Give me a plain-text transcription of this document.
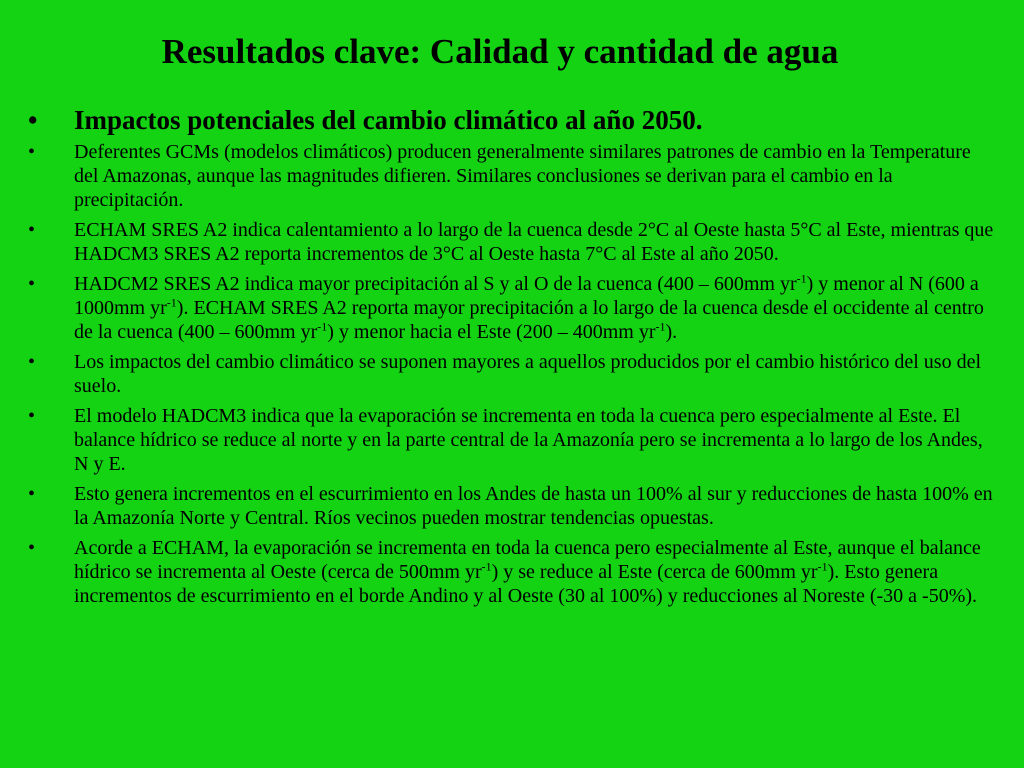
Resultados clave: Calidad y cantidad de agua
• Impactos potenciales del cambio climático al año 2050.
•	Deferentes GCMs (modelos climáticos) producen generalmente similares patrones de cambio en la Temperature del Amazonas, aunque las magnitudes difieren. Similares conclusiones se derivan para el cambio en la precipitación.
•	ECHAM SRES A2 indica calentamiento a lo largo de la cuenca desde 2°C al Oeste hasta 5°C al Este, mientras que HADCM3 SRES A2 reporta incrementos de 3°C al Oeste hasta 7°C al Este al año 2050.
•	HADCM2 SRES A2 indica mayor precipitación al S y al O de la cuenca (400 – 600mm $yr^{-1}$) y menor al N (600 a 1000mm $yr^{-1}$). ECHAM SRES A2 reporta mayor precipitación a lo largo de la cuenca desde el occidente al centro de la cuenca (400 – 600mm $yr^{-1}$) y menor hacia el Este (200 – 400mm $yr^{-1}$).
•	Los impactos del cambio climático se suponen mayores a aquellos producidos por el cambio histórico del uso del suelo.
•	El modelo HADCM3 indica que la evaporación se incrementa en toda la cuenca pero especialmente al Este. El balance hídrico se reduce al norte y en la parte central de la Amazonía pero se incrementa a lo largo de los Andes, N y E.
•	Esto genera incrementos en el escurrimiento en los Andes de hasta un 100% al sur y reducciones de hasta 100% en la Amazonía Norte y Central. Ríos vecinos pueden mostrar tendencias opuestas.
•	Acorde a ECHAM, la evaporación se incrementa en toda la cuenca pero especialmente al Este, aunque el balance hídrico se incrementa al Oeste (cerca de 500mm $yr^{-1}$) y se reduce al Este (cerca de 600mm $yr^{-1}$). Esto genera incrementos de escurrimiento en el borde Andino y al Oeste (30 al 100%) y reducciones al Noreste (-30 a -50%).
